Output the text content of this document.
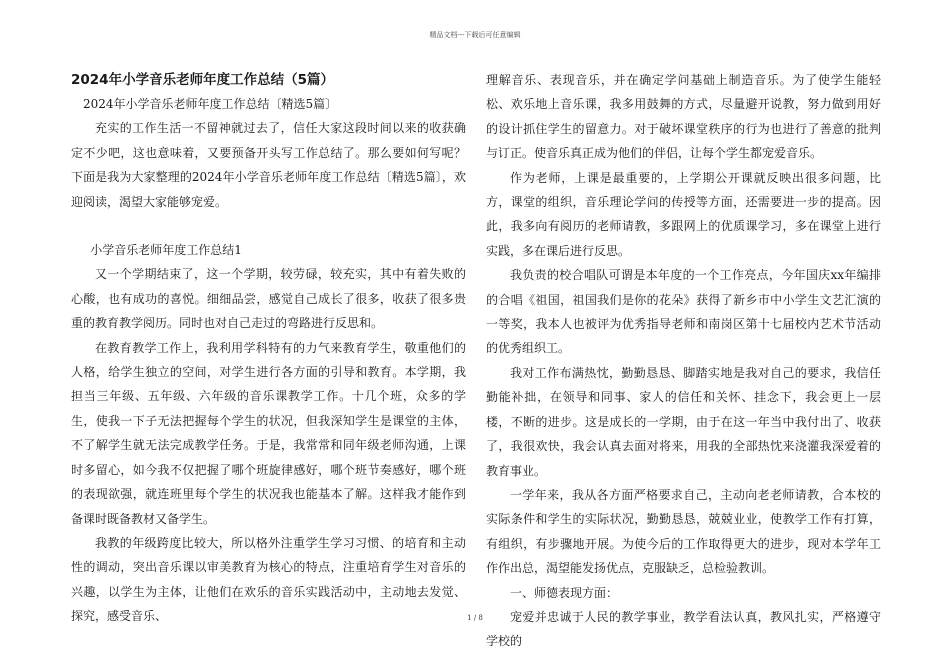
精品文档---下载后可任意编辑

2024年小学音乐老师年度工作总结（5篇）

2024年小学音乐老师年度工作总结〔精选5篇〕

充实的工作生活一不留神就过去了，信任大家这段时间以来的收获确定不少吧，这也意味着，又要预备开头写工作总结了。那么要如何写呢？下面是我为大家整理的2024年小学音乐老师年度工作总结〔精选5篇〕，欢迎阅读，渴望大家能够宠爱。

小学音乐老师年度工作总结1

又一个学期结束了，这一个学期，较劳碌，较充实，其中有着失败的心酸，也有成功的喜悦。细细品尝，感觉自己成长了很多，收获了很多贵重的教育教学阅历。同时也对自己走过的弯路进行反思和。

在教育教学工作上，我利用学科特有的力气来教育学生，敬重他们的人格，给学生独立的空间，对学生进行各方面的引导和教育。本学期，我担当三年级、五年级、六年级的音乐课教学工作。十几个班，众多的学生，使我一下子无法把握每个学生的状况，但我深知学生是课堂的主体，不了解学生就无法完成教学任务。于是，我常常和同年级老师沟通，上课时多留心，如今我不仅把握了哪个班旋律感好，哪个班节奏感好，哪个班的表现欲强，就连班里每个学生的状况我也能基本了解。这样我才能作到备课时既备教材又备学生。

我教的年级跨度比较大，所以格外注重学生学习习惯、的培育和主动性的调动，突出音乐课以审美教育为核心的特点，注重培育学生对音乐的兴趣，以学生为主体，让他们在欢乐的音乐实践活动中，主动地去发觉、探究，感受音乐、

理解音乐、表现音乐，并在确定学问基础上制造音乐。为了使学生能轻松、欢乐地上音乐课，我多用鼓舞的方式，尽量避开说教，努力做到用好的设计抓住学生的留意力。对于破坏课堂秩序的行为也进行了善意的批判与订正。使音乐真正成为他们的伴侣，让每个学生都宠爱音乐。

作为老师，上课是最重要的，上学期公开课就反映出很多问题，比方，课堂的组织，音乐理论学问的传授等方面，还需要进一步的提高。因此，我多向有阅历的老师请教，多跟网上的优质课学习，多在课堂上进行实践，多在课后进行反思。

我负责的校合唱队可谓是本年度的一个工作亮点，今年国庆xx年编排的合唱《祖国，祖国我们是你的花朵》获得了新乡市中小学生文艺汇演的一等奖，我本人也被评为优秀指导老师和南岗区第十七届校内艺术节活动的优秀组织工。

我对工作布满热忱，勤勤恳恳、脚踏实地是我对自己的要求，我信任勤能补拙，在领导和同事、家人的信任和关怀、挂念下，我会更上一层楼，不断的进步。这是成长的一学期，由于在这一年当中我付出了、收获了，我很欢快，我会认真去面对将来，用我的全部热忱来浇灌我深爱着的教育事业。

一学年来，我从各方面严格要求自己，主动向老老师请教，合本校的实际条件和学生的实际状况，勤勤恳恳，兢兢业业，使教学工作有打算，有组织，有步骤地开展。为使今后的工作取得更大的进步，现对本学年工作作出总，渴望能发扬优点，克服缺乏，总检验教训。

一、师德表现方面：

宠爱并忠诚于人民的教学事业，教学看法认真，教风扎实，严格遵守学校的

1 / 8
